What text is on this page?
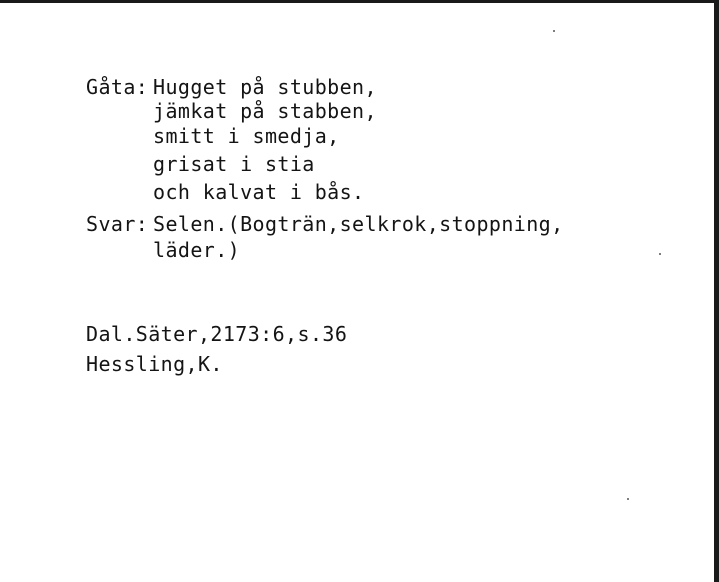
Gåta: Hugget på stubben,
jämkat på stabben,
smitt i smedja,
grisat i stia
och kalvat i bås.
Svar: Selen.(Bogträn,selkrok,stoppning,
läder.)
Dal.Säter,2173:6,s.36
Hessling,K.
